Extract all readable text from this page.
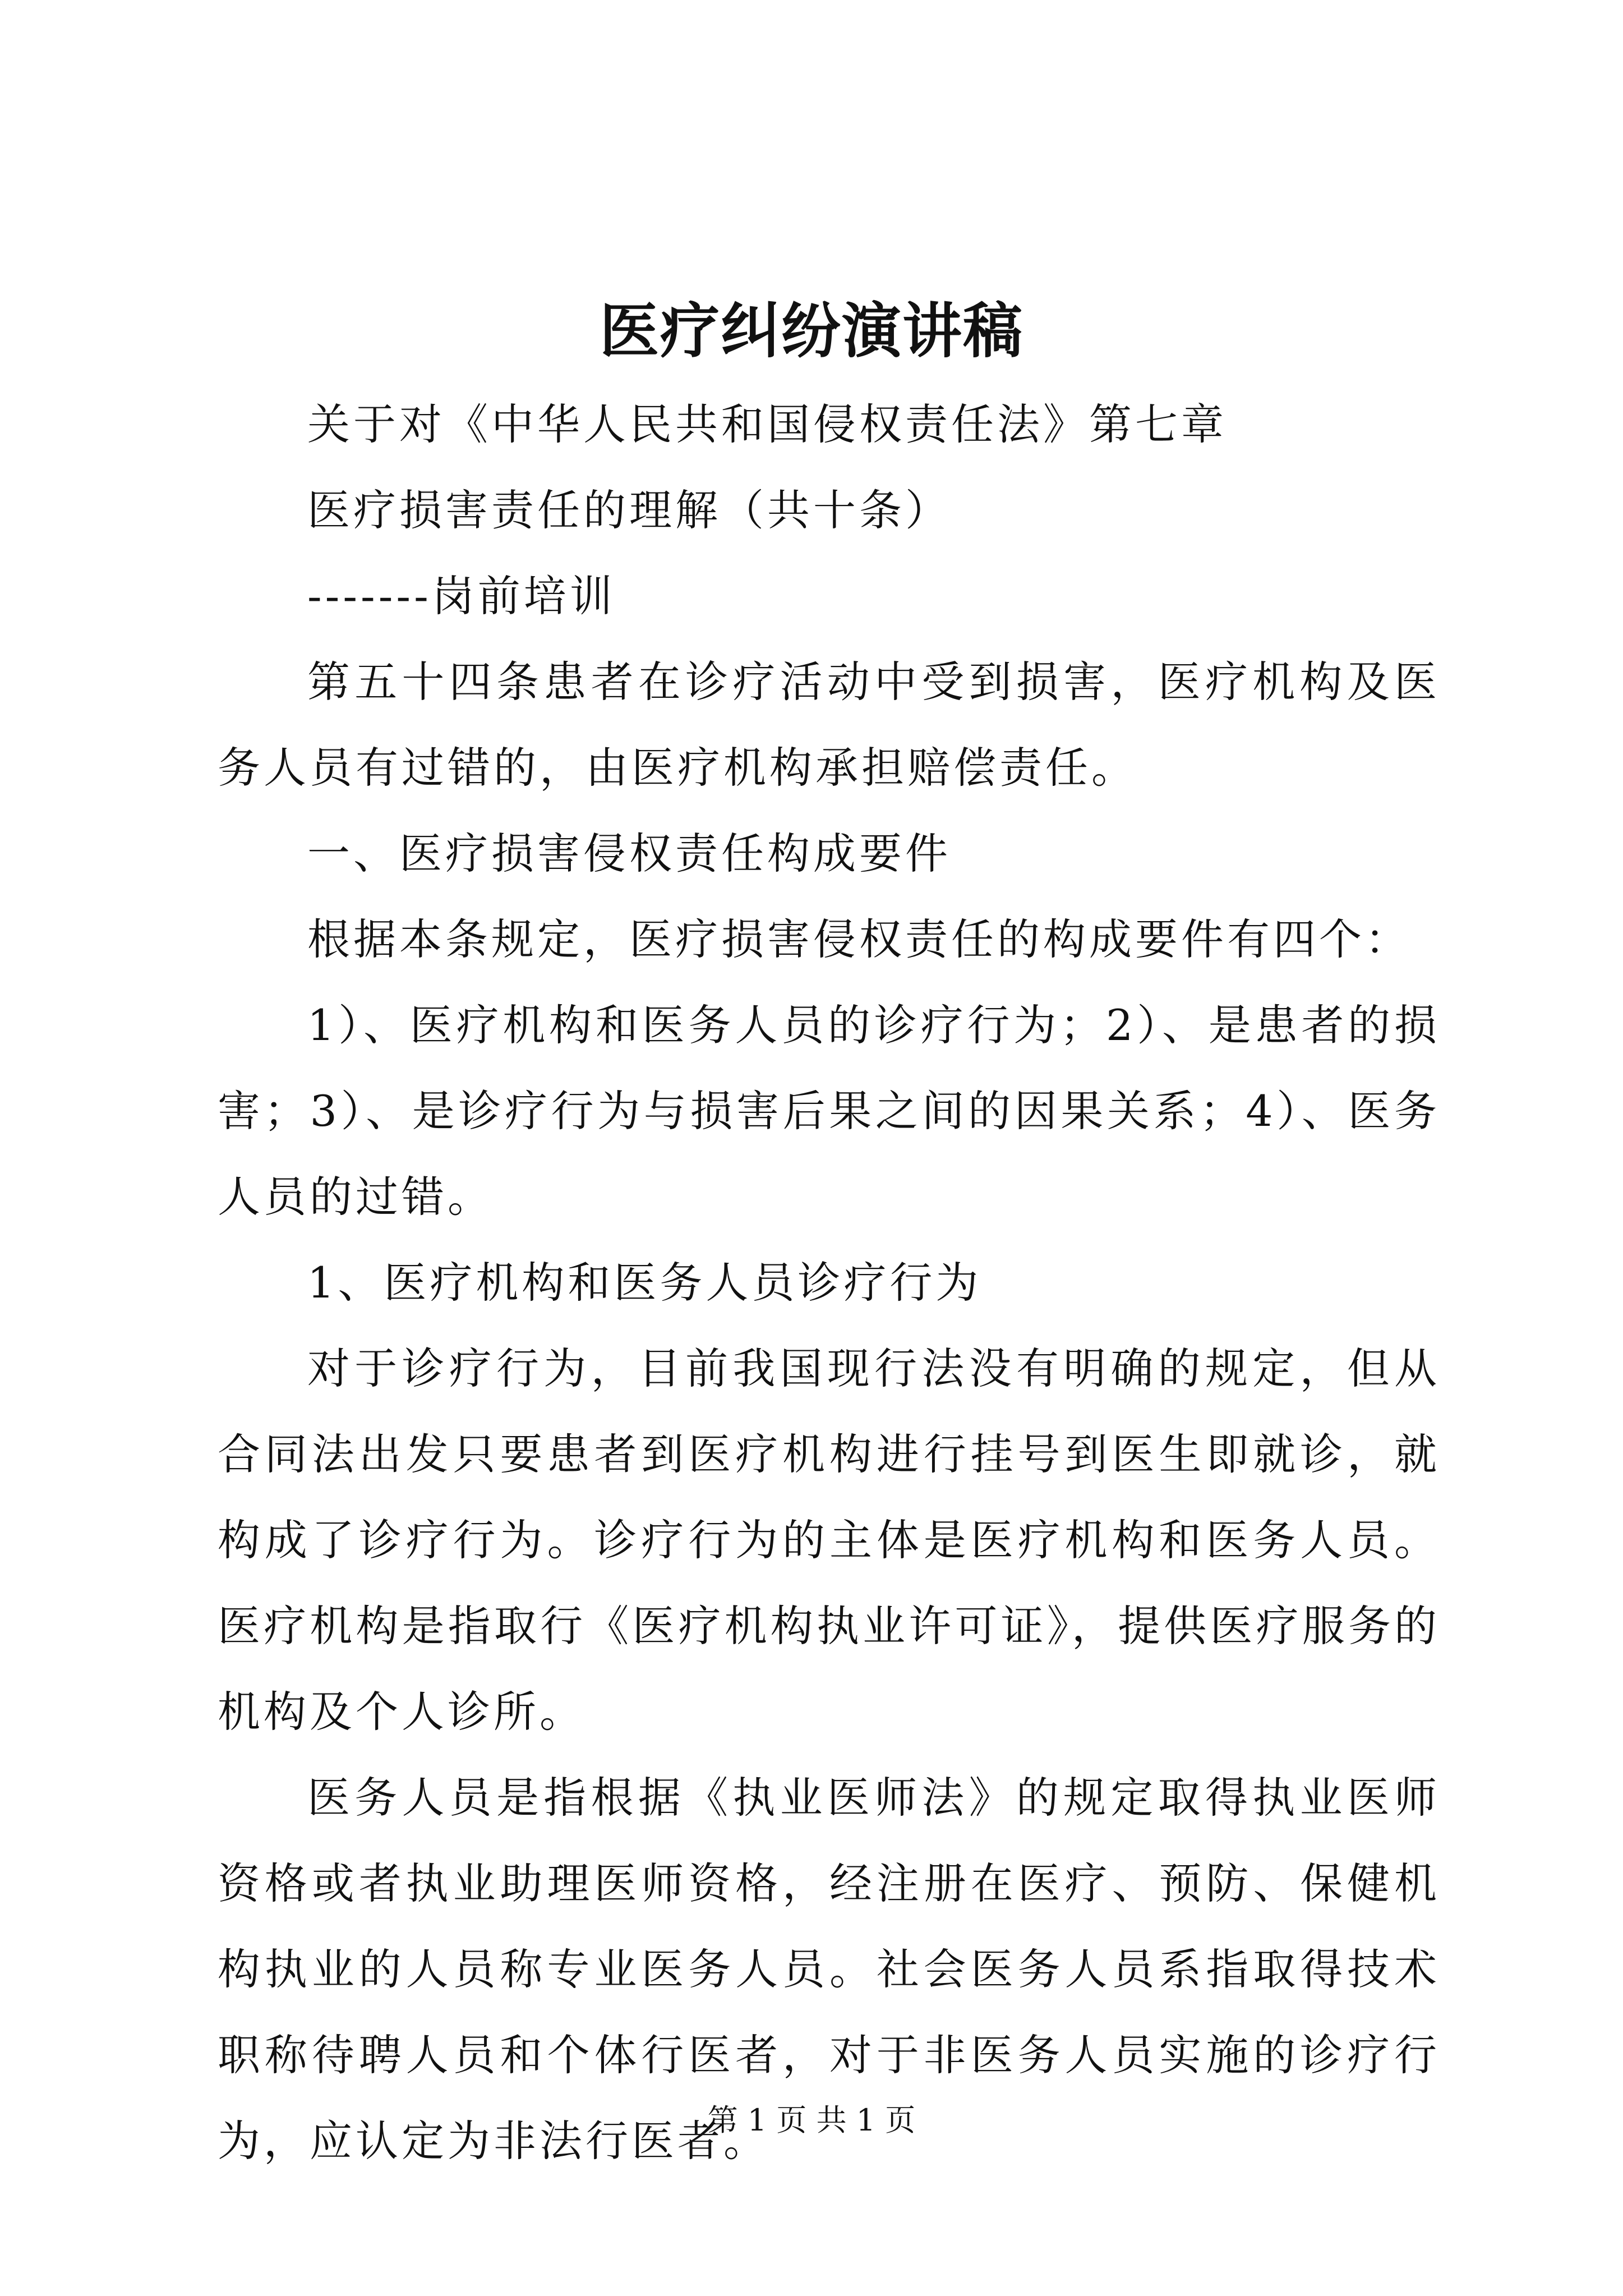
医疗纠纷演讲稿

关于对《中华人民共和国侵权责任法》第七章

医疗损害责任的理解（共十条）

-------岗前培训

第五十四条患者在诊疗活动中受到损害，医疗机构及医务人员有过错的，由医疗机构承担赔偿责任。

一、医疗损害侵权责任构成要件

根据本条规定，医疗损害侵权责任的构成要件有四个：

1）、医疗机构和医务人员的诊疗行为；2）、是患者的损害；3）、是诊疗行为与损害后果之间的因果关系；4）、医务人员的过错。

1、医疗机构和医务人员诊疗行为

对于诊疗行为，目前我国现行法没有明确的规定，但从合同法出发只要患者到医疗机构进行挂号到医生即就诊，就构成了诊疗行为。诊疗行为的主体是医疗机构和医务人员。医疗机构是指取行《医疗机构执业许可证》，提供医疗服务的机构及个人诊所。

医务人员是指根据《执业医师法》的规定取得执业医师资格或者执业助理医师资格，经注册在医疗、预防、保健机构执业的人员称专业医务人员。社会医务人员系指取得技术职称待聘人员和个体行医者，对于非医务人员实施的诊疗行为，应认定为非法行医者。

第 1 页 共 1 页
